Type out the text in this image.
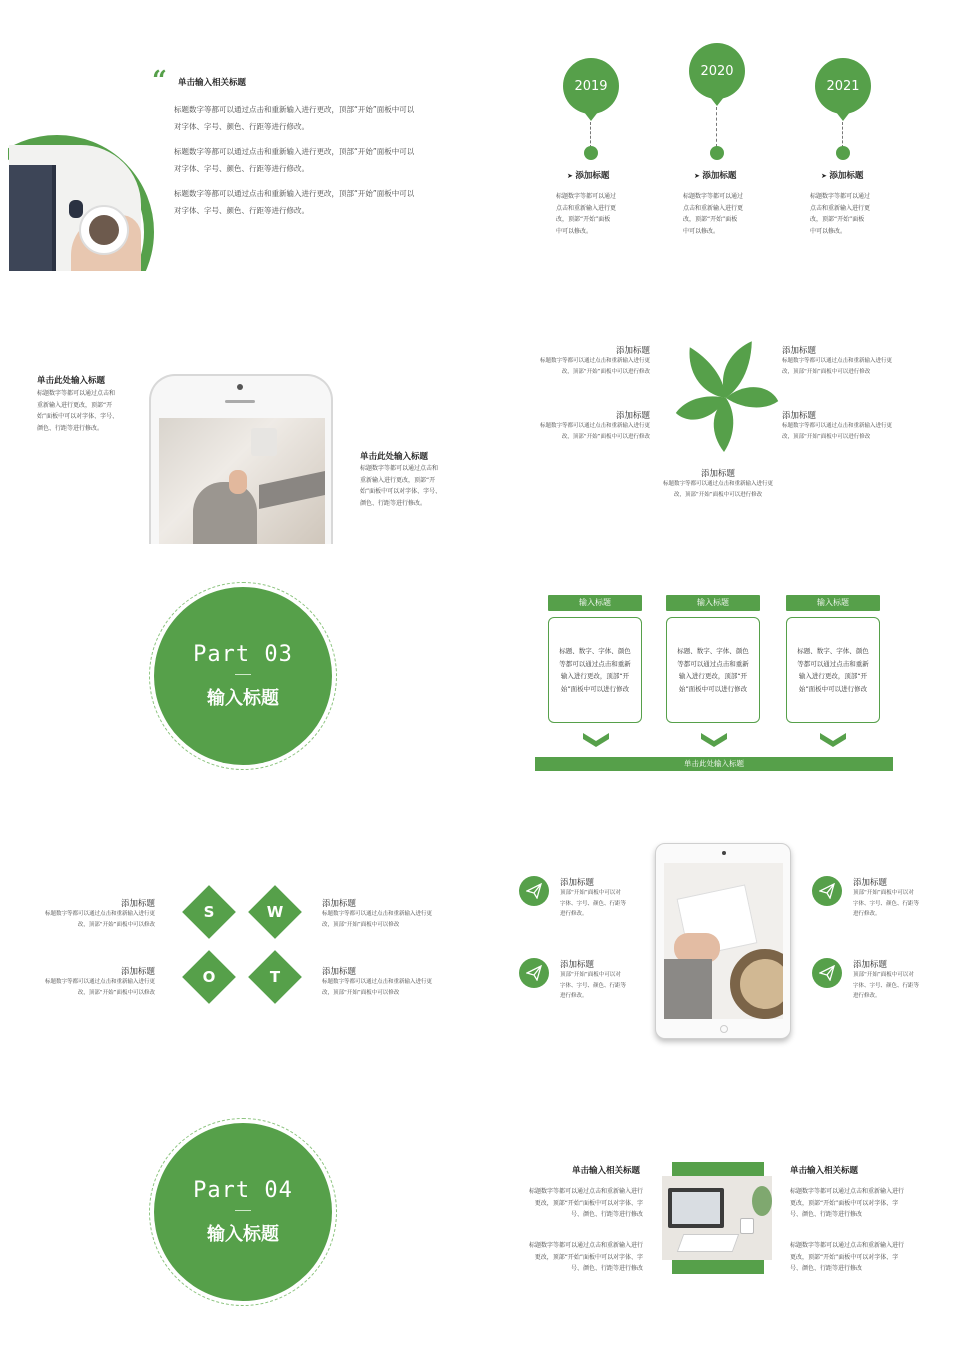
“ 单击输入相关标题
标题数字等都可以通过点击和重新输入进行更改，顶部“开始”面板中可以
对字体、字号、颜色、行距等进行修改。
标题数字等都可以通过点击和重新输入进行更改，顶部“开始”面板中可以
对字体、字号、颜色、行距等进行修改。
标题数字等都可以通过点击和重新输入进行更改，顶部“开始”面板中可以
对字体、字号、颜色、行距等进行修改。
2019
➤ 添加标题
标题数字等都可以通过
点击和重新输入进行更
改，顶部“开始”面板
中可以修改。
2020
➤ 添加标题
标题数字等都可以通过
点击和重新输入进行更
改，顶部“开始”面板
中可以修改。
2021
➤ 添加标题
标题数字等都可以通过
点击和重新输入进行更
改，顶部“开始”面板
中可以修改。
单击此处输入标题
标题数字等都可以通过点击和
重新输入进行更改，顶部“开
始”面板中可以对字体、字号、
颜色、行距等进行修改。
单击此处输入标题
标题数字等都可以通过点击和
重新输入进行更改，顶部“开
始”面板中可以对字体、字号、
颜色、行距等进行修改。
添加标题
标题数字等都可以通过点击和重新输入进行更
改，顶部“开始”面板中可以进行修改
添加标题
标题数字等都可以通过点击和重新输入进行更
改，顶部“开始”面板中可以进行修改
添加标题
标题数字等都可以通过点击和重新输入进行更
改，顶部“开始”面板中可以进行修改
添加标题
标题数字等都可以通过点击和重新输入进行更
改，顶部“开始”面板中可以进行修改
添加标题
标题数字等都可以通过点击和重新输入进行更
改，顶部“开始”面板中可以进行修改
Part 03
输入标题
输入标题
标题、数字、字体、颜色
等都可以通过点击和重新
输入进行更改，顶部“开
始”面板中可以进行修改
输入标题
标题、数字、字体、颜色
等都可以通过点击和重新
输入进行更改，顶部“开
始”面板中可以进行修改
输入标题
标题、数字、字体、颜色
等都可以通过点击和重新
输入进行更改，顶部“开
始”面板中可以进行修改
单击此处输入标题
添加标题
标题数字等都可以通过点击和重新输入进行更
改，顶部“开始”面板中可以修改
添加标题
标题数字等都可以通过点击和重新输入进行更
改，顶部“开始”面板中可以修改
S	W
O	T
添加标题
标题数字等都可以通过点击和重新输入进行更
改，顶部“开始”面板中可以修改
添加标题
标题数字等都可以通过点击和重新输入进行更
改，顶部“开始”面板中可以修改
添加标题
顶部“开始”面板中可以对
字体、字号、颜色、行距等
进行修改。
添加标题
顶部“开始”面板中可以对
字体、字号、颜色、行距等
进行修改。
添加标题
顶部“开始”面板中可以对
字体、字号、颜色、行距等
进行修改。
添加标题
顶部“开始”面板中可以对
字体、字号、颜色、行距等
进行修改。
Part 04
输入标题
单击输入相关标题
标题数字等都可以通过点击和重新输入进行
更改，顶部“开始”面板中可以对字体、字
号、颜色、行距等进行修改
标题数字等都可以通过点击和重新输入进行
更改，顶部“开始”面板中可以对字体、字
号、颜色、行距等进行修改
单击输入相关标题
标题数字等都可以通过点击和重新输入进行
更改，顶部“开始”面板中可以对字体、字
号、颜色、行距等进行修改
标题数字等都可以通过点击和重新输入进行
更改，顶部“开始”面板中可以对字体、字
号、颜色、行距等进行修改
